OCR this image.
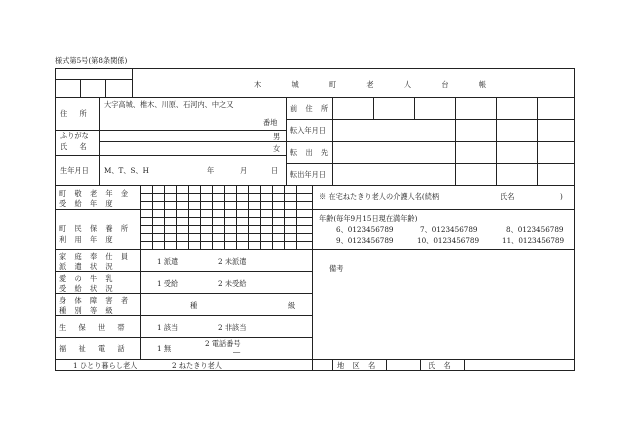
様式第5号(第8条関係)
木 城 町 老 人 台 帳
住 所
大字高城、椎木、川原、石河内、中之又
番地
ふりがな
氏 名
男
女
生年月日 M、T、S、H	年	月	日
前 住 所
転入年月日
転 出 先
転出年月日
町 敬 老 年 金
受 給 年 度
町 民 保 養 所
利 用 年 度
※ 在宅ねたきり老人の介護人名(続柄	氏名	)
年齢(毎年9月15日現在満年齢)
6、0123456789	7、0123456789	8、0123456789
9、0123456789	10、0123456789	11、0123456789
家 庭 奉 仕 員
派 遣 状 況
1 派遣	2 未派遣
愛 の 牛 乳
受 給 状 況
1 受給	2 未受給
身 体 障 害 者
種 別 等 級
種	級
生 保 世 帯	1 該当	2 非該当
福 祉 電 話	1 無
2 電話番号
―
備考
1 ひとり暮らし老人	2 ねたきり老人	地 区 名	氏 名
